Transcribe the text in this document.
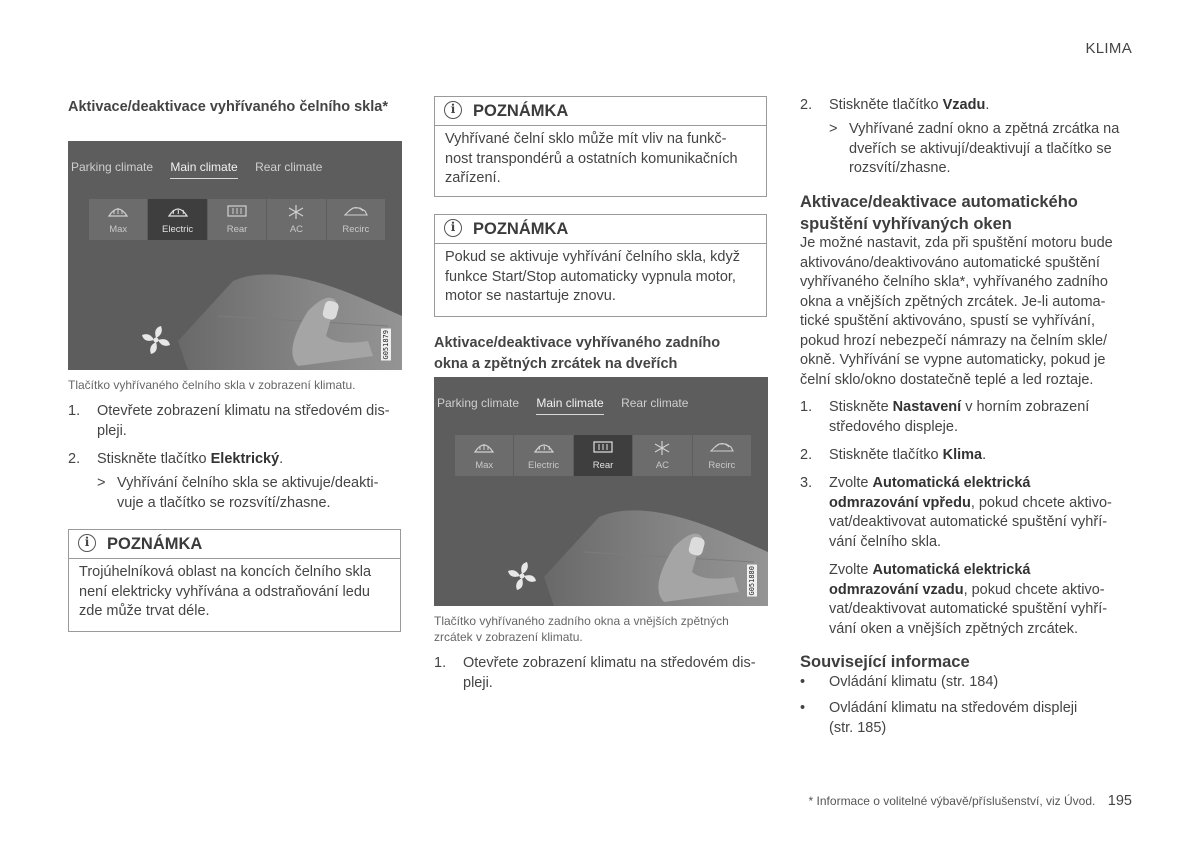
KLIMA
Aktivace/deaktivace vyhřívaného čelního skla*
Parking climate Main climate Rear climate
Max	Electric	Rear	AC	Recirc
G051879
Tlačítko vyhřívaného čelního skla v zobrazení klimatu.
1. Otevřete zobrazení klimatu na středovém dis-
pleji.
2. Stiskněte tlačítko Elektrický.
> Vyhřívání čelního skla se aktivuje/deakti-
vuje a tlačítko se rozsvítí/zhasne.
i	POZNÁMKA
Trojúhelníková oblast na koncích čelního skla
není elektricky vyhřívána a odstraňování ledu
zde může trvat déle.
i	POZNÁMKA
Vyhřívané čelní sklo může mít vliv na funkč-
nost transpondérů a ostatních komunikačních
zařízení.
i	POZNÁMKA
Pokud se aktivuje vyhřívání čelního skla, když
funkce Start/Stop automaticky vypnula motor,
motor se nastartuje znovu.
Aktivace/deaktivace vyhřívaného zadního
okna a zpětných zrcátek na dveřích
Parking climate Main climate Rear climate
Max	Electric	Rear	AC	Recirc
G051880
Tlačítko vyhřívaného zadního okna a vnějších zpětných
zrcátek v zobrazení klimatu.
1. Otevřete zobrazení klimatu na středovém dis-
pleji.
2. Stiskněte tlačítko Vzadu.
> Vyhřívané zadní okno a zpětná zrcátka na
dveřích se aktivují/deaktivují a tlačítko se
rozsvítí/zhasne.
Aktivace/deaktivace automatického
spuštění vyhřívaných oken
Je možné nastavit, zda při spuštění motoru bude
aktivováno/deaktivováno automatické spuštění
vyhřívaného čelního skla*, vyhřívaného zadního
okna a vnějších zpětných zrcátek. Je-li automa-
tické spuštění aktivováno, spustí se vyhřívání,
pokud hrozí nebezpečí námrazy na čelním skle/
okně. Vyhřívání se vypne automaticky, pokud je
čelní sklo/okno dostatečně teplé a led roztaje.
1. Stiskněte Nastavení v horním zobrazení
středového displeje.
2. Stiskněte tlačítko Klima.
3. Zvolte Automatická elektrická
odmrazování vpředu, pokud chcete aktivo-
vat/deaktivovat automatické spuštění vyhří-
vání čelního skla.
Zvolte Automatická elektrická
odmrazování vzadu, pokud chcete aktivo-
vat/deaktivovat automatické spuštění vyhří-
vání oken a vnějších zpětných zrcátek.
Související informace
• Ovládání klimatu (str. 184)
• Ovládání klimatu na středovém displeji
(str. 185)
* Informace o volitelné výbavě/příslušenství, viz Úvod. 195
